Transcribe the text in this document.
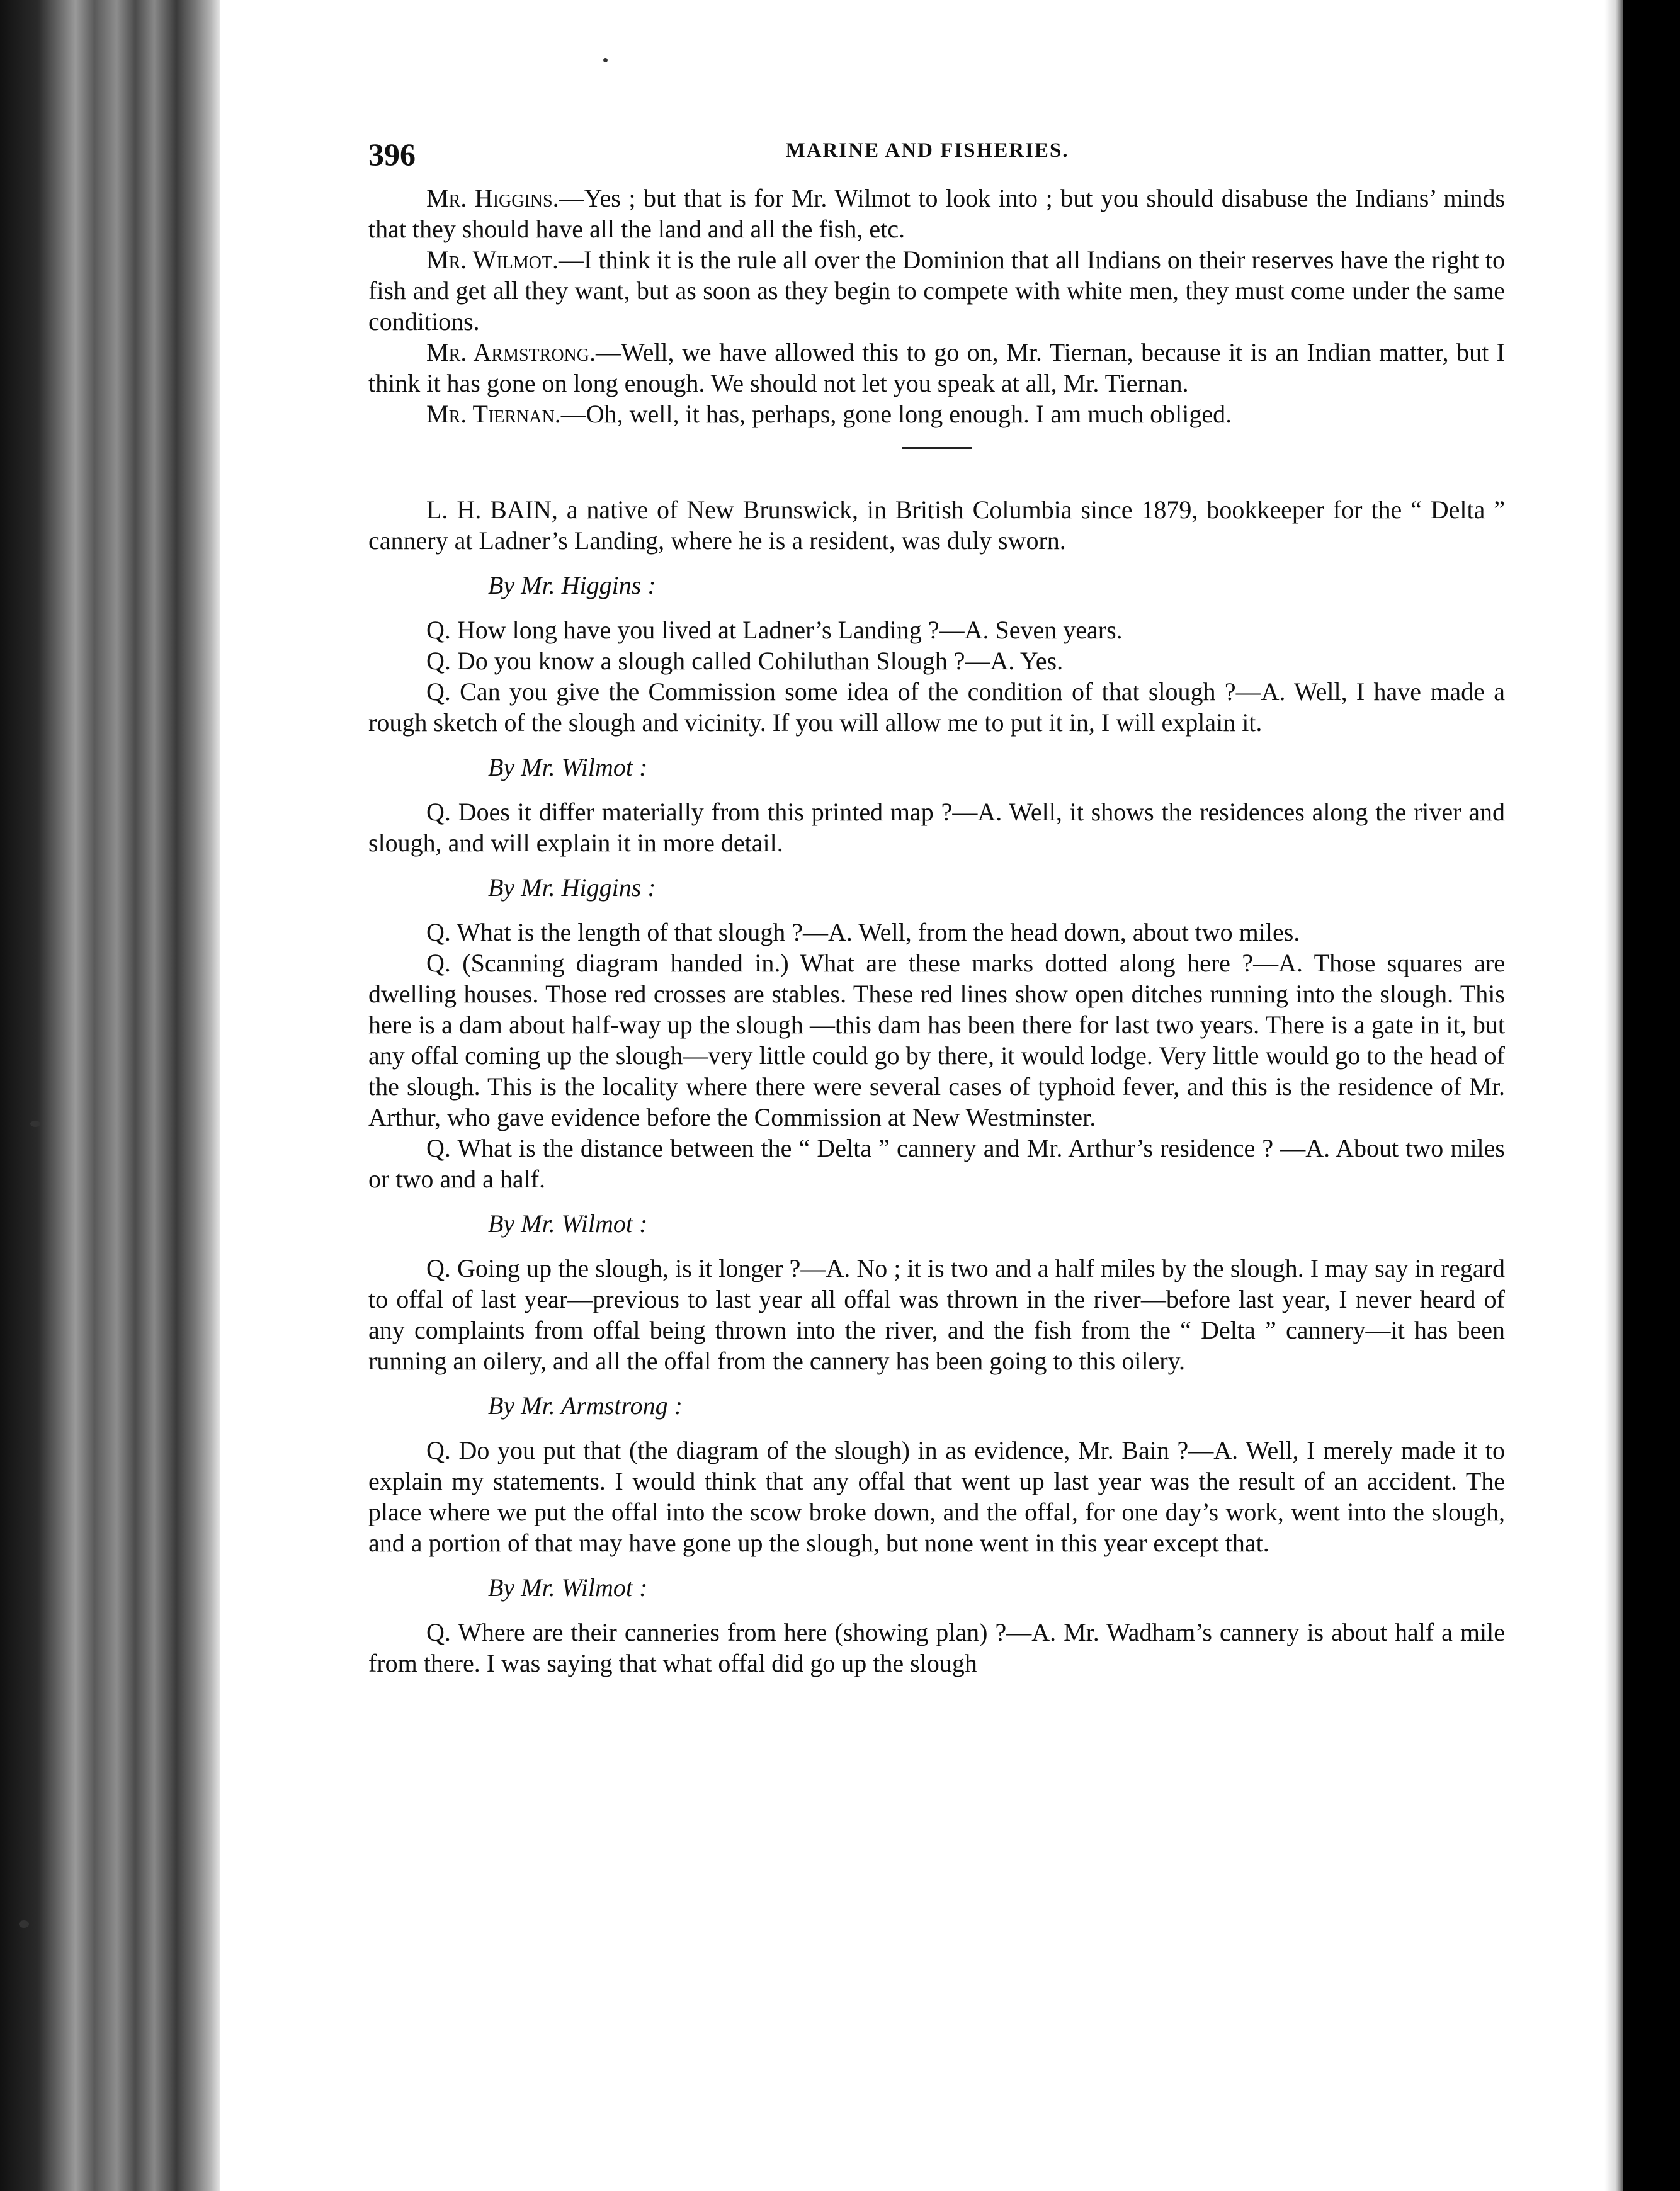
396	MARINE AND FISHERIES.

Mr. Higgins.—Yes ; but that is for Mr. Wilmot to look into ; but you should disabuse the Indians’ minds that they should have all the land and all the fish, etc.

Mr. Wilmot.—I think it is the rule all over the Dominion that all Indians on their reserves have the right to fish and get all they want, but as soon as they begin to compete with white men, they must come under the same conditions.

Mr. Armstrong.—Well, we have allowed this to go on, Mr. Tiernan, because it is an Indian matter, but I think it has gone on long enough. We should not let you speak at all, Mr. Tiernan.

Mr. Tiernan.—Oh, well, it has, perhaps, gone long enough. I am much obliged.

L. H. BAIN, a native of New Brunswick, in British Columbia since 1879, bookkeeper for the “ Delta ” cannery at Ladner’s Landing, where he is a resident, was duly sworn.

By Mr. Higgins :

Q. How long have you lived at Ladner’s Landing ?—A. Seven years.

Q. Do you know a slough called Cohiluthan Slough ?—A. Yes.

Q. Can you give the Commission some idea of the condition of that slough ?—A. Well, I have made a rough sketch of the slough and vicinity. If you will allow me to put it in, I will explain it.

By Mr. Wilmot :

Q. Does it differ materially from this printed map ?—A. Well, it shows the residences along the river and slough, and will explain it in more detail.

By Mr. Higgins :

Q. What is the length of that slough ?—A. Well, from the head down, about two miles.

Q. (Scanning diagram handed in.) What are these marks dotted along here ?—A. Those squares are dwelling houses. Those red crosses are stables. These red lines show open ditches running into the slough. This here is a dam about half-way up the slough —this dam has been there for last two years. There is a gate in it, but any offal coming up the slough—very little could go by there, it would lodge. Very little would go to the head of the slough. This is the locality where there were several cases of typhoid fever, and this is the residence of Mr. Arthur, who gave evidence before the Commission at New Westminster.

Q. What is the distance between the “ Delta ” cannery and Mr. Arthur’s residence ? —A. About two miles or two and a half.

By Mr. Wilmot :

Q. Going up the slough, is it longer ?—A. No ; it is two and a half miles by the slough. I may say in regard to offal of last year—previous to last year all offal was thrown in the river—before last year, I never heard of any complaints from offal being thrown into the river, and the fish from the “ Delta ” cannery—it has been running an oilery, and all the offal from the cannery has been going to this oilery.

By Mr. Armstrong :

Q. Do you put that (the diagram of the slough) in as evidence, Mr. Bain ?—A. Well, I merely made it to explain my statements. I would think that any offal that went up last year was the result of an accident. The place where we put the offal into the scow broke down, and the offal, for one day’s work, went into the slough, and a portion of that may have gone up the slough, but none went in this year except that.

By Mr. Wilmot :

Q. Where are their canneries from here (showing plan) ?—A. Mr. Wadham’s cannery is about half a mile from there. I was saying that what offal did go up the slough
